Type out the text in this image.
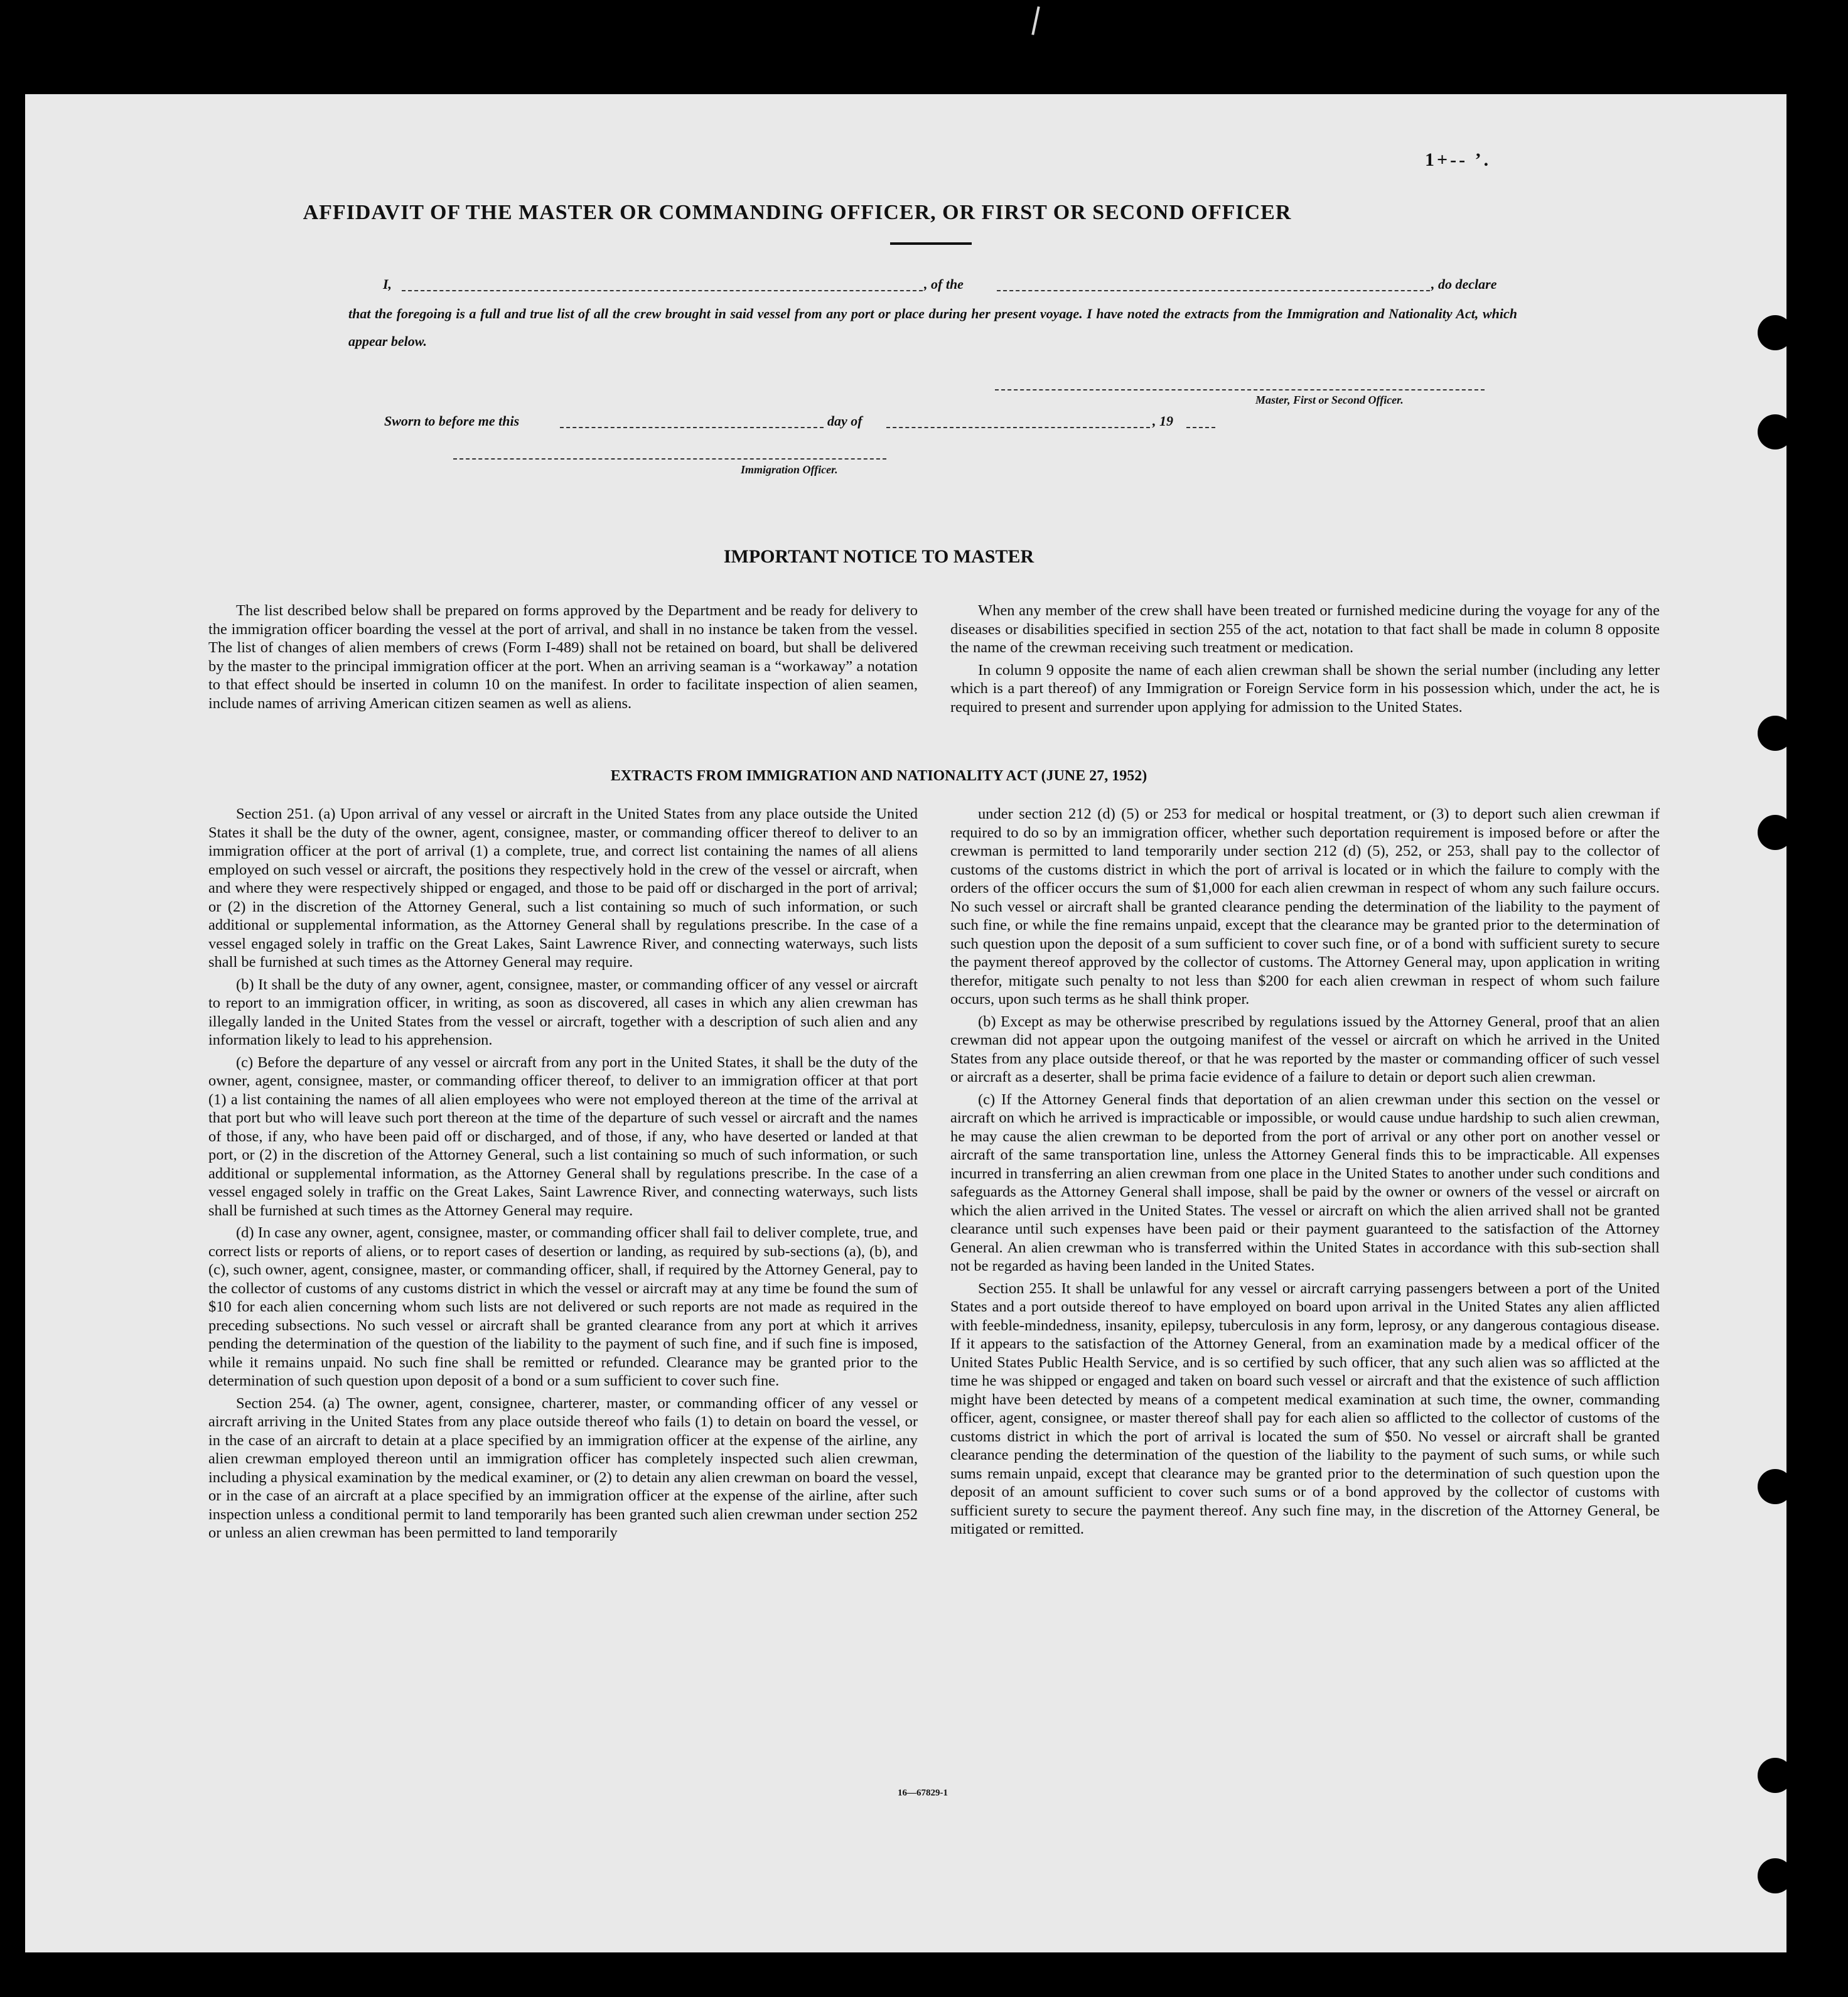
1+-- ’.
AFFIDAVIT OF THE MASTER OR COMMANDING OFFICER, OR FIRST OR SECOND OFFICER
I,	, of the	, do declare
that the foregoing is a full and true list of all the crew brought in said vessel from any port or place during her present voyage. I have noted the extracts from the Immigration and Nationality Act, which appear below.
Master, First or Second Officer.
Sworn to before me this	day of	, 19
Immigration Officer.
IMPORTANT NOTICE TO MASTER

The list described below shall be prepared on forms approved by the Department and be ready for delivery to the immigration officer boarding the vessel at the port of arrival, and shall in no instance be taken from the vessel. The list of changes of alien members of crews (Form I-489) shall not be retained on board, but shall be delivered by the master to the principal immigration officer at the port. When an arriving seaman is a “workaway” a notation to that effect should be inserted in column 10 on the manifest. In order to facilitate inspection of alien seamen, include names of arriving American citizen seamen as well as aliens.

When any member of the crew shall have been treated or furnished medicine during the voyage for any of the diseases or disabilities specified in section 255 of the act, notation to that fact shall be made in column 8 opposite the name of the crewman receiving such treatment or medication.

In column 9 opposite the name of each alien crewman shall be shown the serial number (including any letter which is a part thereof) of any Immigration or Foreign Service form in his possession which, under the act, he is required to present and surrender upon applying for admission to the United States.

EXTRACTS FROM IMMIGRATION AND NATIONALITY ACT (JUNE 27, 1952)

Section 251. (a) Upon arrival of any vessel or aircraft in the United States from any place outside the United States it shall be the duty of the owner, agent, consignee, master, or commanding officer thereof to deliver to an immigration officer at the port of arrival (1) a complete, true, and correct list containing the names of all aliens employed on such vessel or aircraft, the positions they respectively hold in the crew of the vessel or aircraft, when and where they were respectively shipped or engaged, and those to be paid off or discharged in the port of arrival; or (2) in the discretion of the Attorney General, such a list containing so much of such information, or such additional or supplemental information, as the Attorney General shall by regulations prescribe. In the case of a vessel engaged solely in traffic on the Great Lakes, Saint Lawrence River, and connecting waterways, such lists shall be furnished at such times as the Attorney General may require.

(b) It shall be the duty of any owner, agent, consignee, master, or commanding officer of any vessel or aircraft to report to an immigration officer, in writing, as soon as discovered, all cases in which any alien crewman has illegally landed in the United States from the vessel or aircraft, together with a description of such alien and any information likely to lead to his apprehension.

(c) Before the departure of any vessel or aircraft from any port in the United States, it shall be the duty of the owner, agent, consignee, master, or commanding officer thereof, to deliver to an immigration officer at that port (1) a list containing the names of all alien employees who were not employed thereon at the time of the arrival at that port but who will leave such port thereon at the time of the departure of such vessel or aircraft and the names of those, if any, who have been paid off or discharged, and of those, if any, who have deserted or landed at that port, or (2) in the discretion of the Attorney General, such a list containing so much of such information, or such additional or supplemental information, as the Attorney General shall by regulations prescribe. In the case of a vessel engaged solely in traffic on the Great Lakes, Saint Lawrence River, and connecting waterways, such lists shall be furnished at such times as the Attorney General may require.

(d) In case any owner, agent, consignee, master, or commanding officer shall fail to deliver complete, true, and correct lists or reports of aliens, or to report cases of desertion or landing, as required by sub-sections (a), (b), and (c), such owner, agent, consignee, master, or commanding officer, shall, if required by the Attorney General, pay to the collector of customs of any customs district in which the vessel or aircraft may at any time be found the sum of $10 for each alien concerning whom such lists are not delivered or such reports are not made as required in the preceding subsections. No such vessel or aircraft shall be granted clearance from any port at which it arrives pending the determination of the question of the liability to the payment of such fine, and if such fine is imposed, while it remains unpaid. No such fine shall be remitted or refunded. Clearance may be granted prior to the determination of such question upon deposit of a bond or a sum sufficient to cover such fine.

Section 254. (a) The owner, agent, consignee, charterer, master, or commanding officer of any vessel or aircraft arriving in the United States from any place outside thereof who fails (1) to detain on board the vessel, or in the case of an aircraft to detain at a place specified by an immigration officer at the expense of the airline, any alien crewman employed thereon until an immigration officer has completely inspected such alien crewman, including a physical examination by the medical examiner, or (2) to detain any alien crewman on board the vessel, or in the case of an aircraft at a place specified by an immigration officer at the expense of the airline, after such inspection unless a conditional permit to land temporarily has been granted such alien crewman under section 252 or unless an alien crewman has been permitted to land temporarily

under section 212 (d) (5) or 253 for medical or hospital treatment, or (3) to deport such alien crewman if required to do so by an immigration officer, whether such deportation requirement is imposed before or after the crewman is permitted to land temporarily under section 212 (d) (5), 252, or 253, shall pay to the collector of customs of the customs district in which the port of arrival is located or in which the failure to comply with the orders of the officer occurs the sum of $1,000 for each alien crewman in respect of whom any such failure occurs. No such vessel or aircraft shall be granted clearance pending the determination of the liability to the payment of such fine, or while the fine remains unpaid, except that the clearance may be granted prior to the determination of such question upon the deposit of a sum sufficient to cover such fine, or of a bond with sufficient surety to secure the payment thereof approved by the collector of customs. The Attorney General may, upon application in writing therefor, mitigate such penalty to not less than $200 for each alien crewman in respect of whom such failure occurs, upon such terms as he shall think proper.

(b) Except as may be otherwise prescribed by regulations issued by the Attorney General, proof that an alien crewman did not appear upon the outgoing manifest of the vessel or aircraft on which he arrived in the United States from any place outside thereof, or that he was reported by the master or commanding officer of such vessel or aircraft as a deserter, shall be prima facie evidence of a failure to detain or deport such alien crewman.

(c) If the Attorney General finds that deportation of an alien crewman under this section on the vessel or aircraft on which he arrived is impracticable or impossible, or would cause undue hardship to such alien crewman, he may cause the alien crewman to be deported from the port of arrival or any other port on another vessel or aircraft of the same transportation line, unless the Attorney General finds this to be impracticable. All expenses incurred in transferring an alien crewman from one place in the United States to another under such conditions and safeguards as the Attorney General shall impose, shall be paid by the owner or owners of the vessel or aircraft on which the alien arrived in the United States. The vessel or aircraft on which the alien arrived shall not be granted clearance until such expenses have been paid or their payment guaranteed to the satisfaction of the Attorney General. An alien crewman who is transferred within the United States in accordance with this sub-section shall not be regarded as having been landed in the United States.

Section 255. It shall be unlawful for any vessel or aircraft carrying passengers between a port of the United States and a port outside thereof to have employed on board upon arrival in the United States any alien afflicted with feeble-mindedness, insanity, epilepsy, tuberculosis in any form, leprosy, or any dangerous contagious disease. If it appears to the satisfaction of the Attorney General, from an examination made by a medical officer of the United States Public Health Service, and is so certified by such officer, that any such alien was so afflicted at the time he was shipped or engaged and taken on board such vessel or aircraft and that the existence of such affliction might have been detected by means of a competent medical examination at such time, the owner, commanding officer, agent, consignee, or master thereof shall pay for each alien so afflicted to the collector of customs of the customs district in which the port of arrival is located the sum of $50. No vessel or aircraft shall be granted clearance pending the determination of the question of the liability to the payment of such sums, or while such sums remain unpaid, except that clearance may be granted prior to the determination of such question upon the deposit of an amount sufficient to cover such sums or of a bond approved by the collector of customs with sufficient surety to secure the payment thereof. Any such fine may, in the discretion of the Attorney General, be mitigated or remitted.

16—67829-1
